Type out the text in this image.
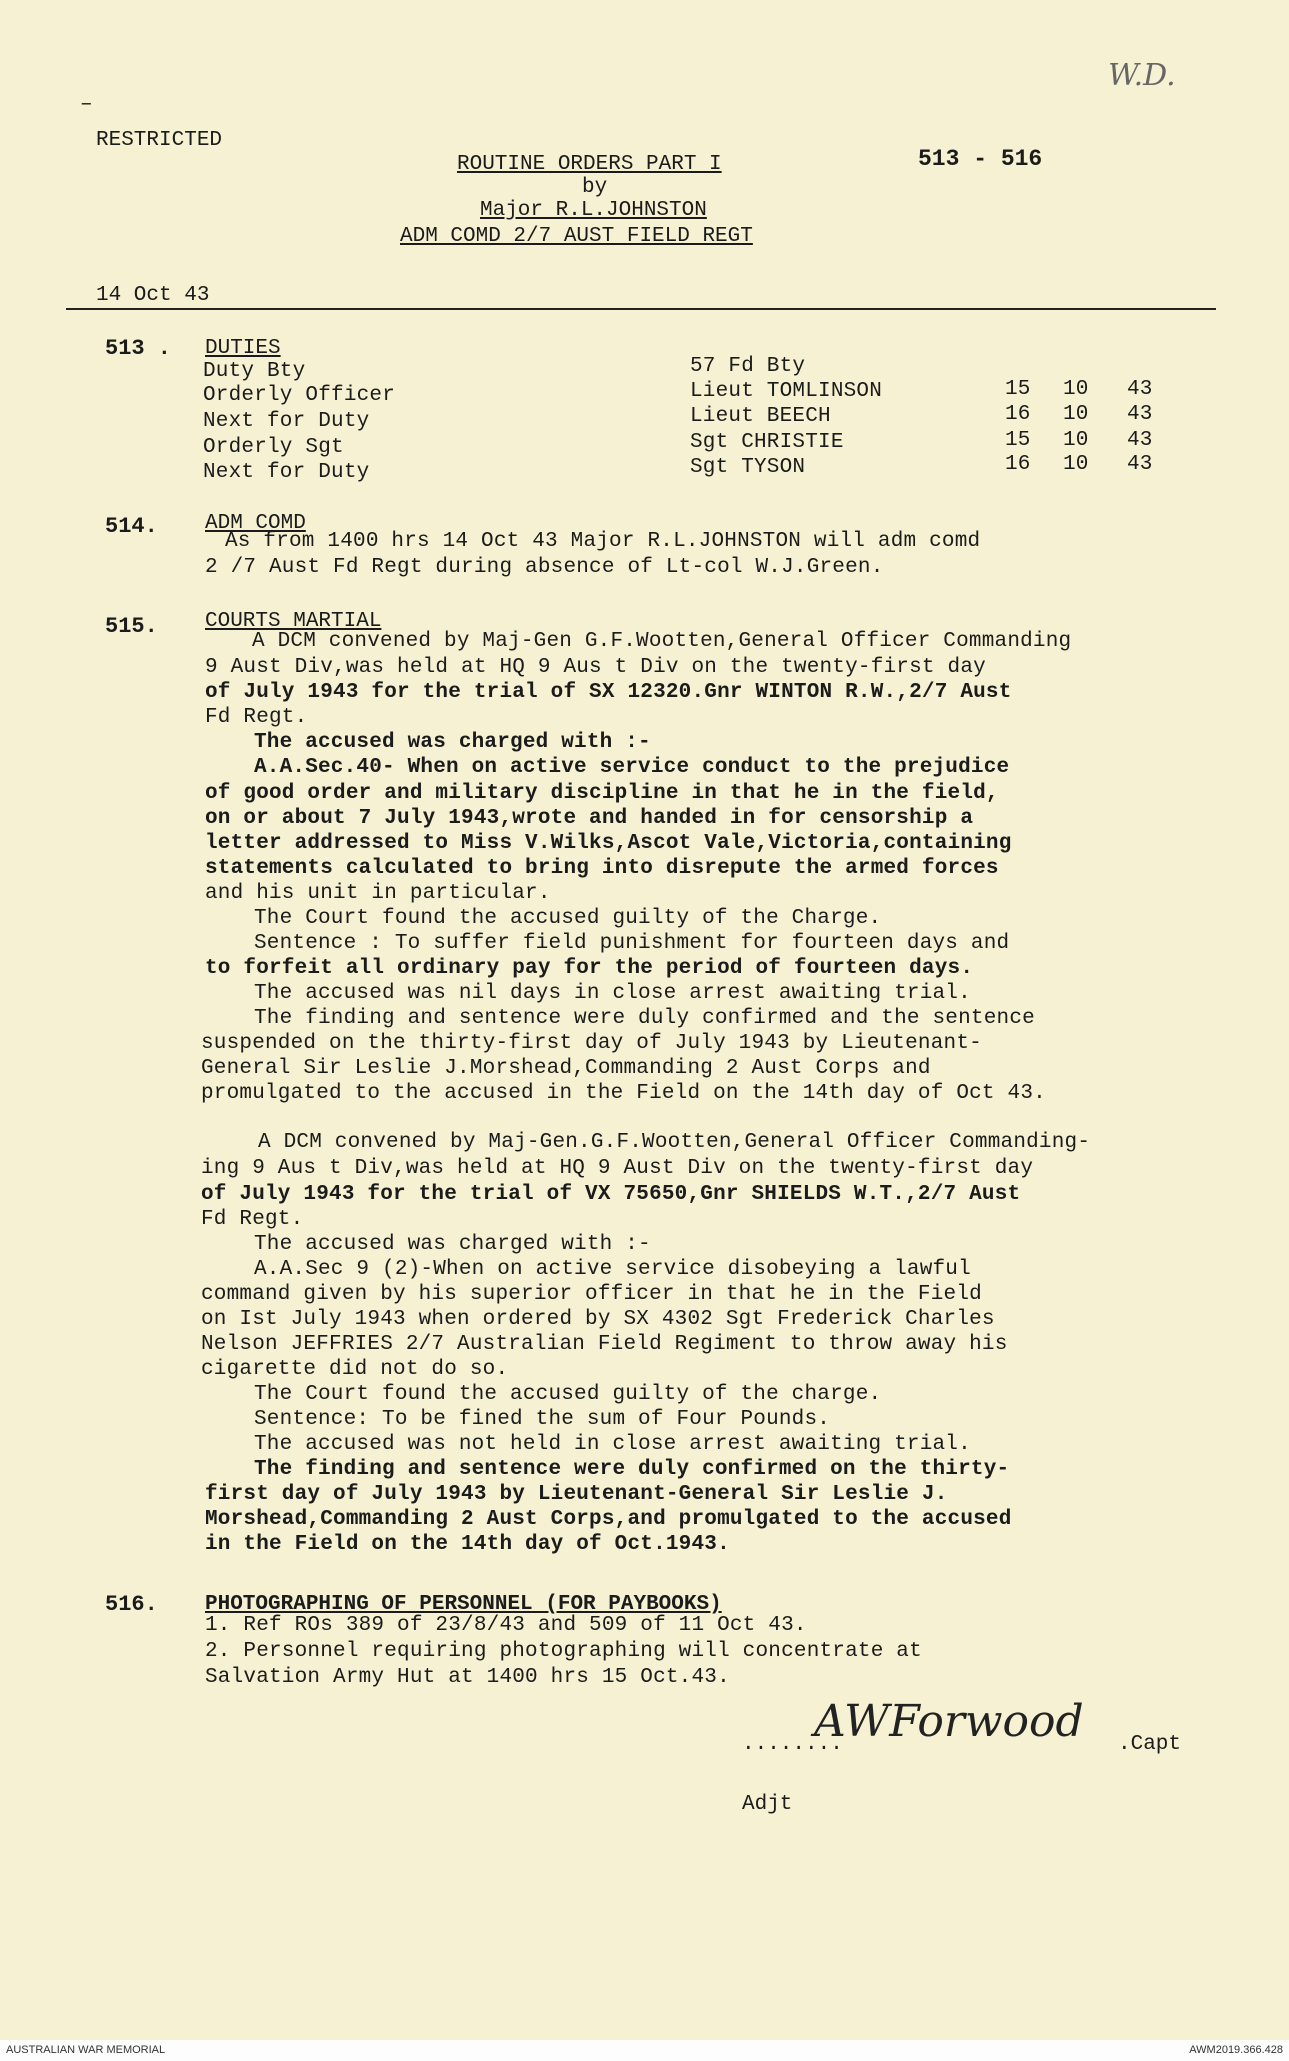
W.D.
–
RESTRICTED
ROUTINE ORDERS PART I
by
Major R.L.JOHNSTON
ADM COMD 2/7 AUST FIELD REGT
513 - 516
14 Oct 43
513 . DUTIES
Duty Bty	57 Fd Bty
Orderly Officer	Lieut TOMLINSON	15 10 43
Next for Duty	Lieut BEECH	16 10 43
Orderly Sgt	Sgt CHRISTIE	15 10 43
Next for Duty	Sgt TYSON	16 10 43
514. ADM COMD
As from 1400 hrs 14 Oct 43 Major R.L.JOHNSTON will adm comd
2 /7 Aust Fd Regt during absence of Lt-col W.J.Green.
515. COURTS MARTIAL
A DCM convened by Maj-Gen G.F.Wootten,General Officer Commanding
9 Aust Div,was held at HQ 9 Aus t Div on the twenty-first day
of July 1943 for the trial of SX 12320.Gnr WINTON R.W.,2/7 Aust
Fd Regt.
The accused was charged with :-
A.A.Sec.40- When on active service conduct to the prejudice
of good order and military discipline in that he in the field,
on or about 7 July 1943,wrote and handed in for censorship a
letter addressed to Miss V.Wilks,Ascot Vale,Victoria,containing
statements calculated to bring into disrepute the armed forces
and his unit in particular.
The Court found the accused guilty of the Charge.
Sentence : To suffer field punishment for fourteen days and
to forfeit all ordinary pay for the period of fourteen days.
The accused was nil days in close arrest awaiting trial.
The finding and sentence were duly confirmed and the sentence
suspended on the thirty-first day of July 1943 by Lieutenant-
General Sir Leslie J.Morshead,Commanding 2 Aust Corps and
promulgated to the accused in the Field on the 14th day of Oct 43.
A DCM convened by Maj-Gen.G.F.Wootten,General Officer Commanding-
ing 9 Aus t Div,was held at HQ 9 Aust Div on the twenty-first day
of July 1943 for the trial of VX 75650,Gnr SHIELDS W.T.,2/7 Aust
Fd Regt.
The accused was charged with :-
A.A.Sec 9 (2)-When on active service disobeying a lawful
command given by his superior officer in that he in the Field
on Ist July 1943 when ordered by SX 4302 Sgt Frederick Charles
Nelson JEFFRIES 2/7 Australian Field Regiment to throw away his
cigarette did not do so.
The Court found the accused guilty of the charge.
Sentence: To be fined the sum of Four Pounds.
The accused was not held in close arrest awaiting trial.
The finding and sentence were duly confirmed on the thirty-
first day of July 1943 by Lieutenant-General Sir Leslie J.
Morshead,Commanding 2 Aust Corps,and promulgated to the accused
in the Field on the 14th day of Oct.1943.
516. PHOTOGRAPHING OF PERSONNEL (FOR PAYBOOKS)
1. Ref ROs 389 of 23/8/43 and 509 of 11 Oct 43.
2. Personnel requiring photographing will concentrate at
Salvation Army Hut at 1400 hrs 15 Oct.43.
........
AWForwood .Capt
Adjt
AUSTRALIAN WAR MEMORIAL	AWM2019.366.428
